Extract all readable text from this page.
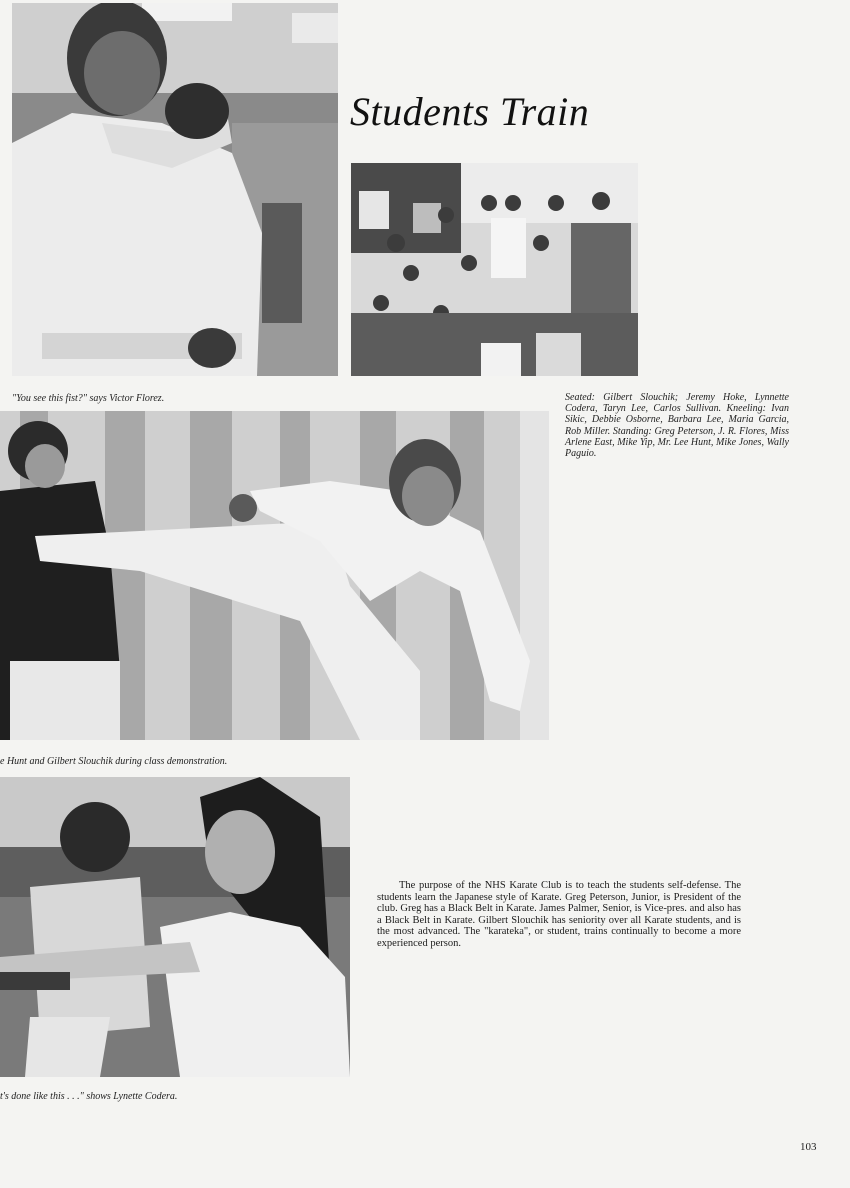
Students Train
"You see this fist?" says Victor Florez.	Seated: Gilbert Slouchik; Jeremy Hoke, Lynnette Codera, Taryn Lee, Carlos Sullivan. Kneeling: Ivan Sikic, Debbie Osborne, Barbara Lee, Maria Garcia, Rob Miller. Standing: Greg Peterson, J. R. Flores, Miss Arlene East, Mike Yip, Mr. Lee Hunt, Mike Jones, Wally Paguio.
e Hunt and Gilbert Slouchik during class demonstration.
t's done like this . . ." shows Lynette Codera.

The purpose of the NHS Karate Club is to teach the students self-defense. The students learn the Japanese style of Karate. Greg Peterson, Junior, is President of the club. Greg has a Black Belt in Karate. James Palmer, Senior, is Vice-pres. and also has a Black Belt in Karate. Gilbert Slouchik has seniority over all Karate students, and is the most advanced. The "karateka", or student, trains continually to become a more experienced person.

103
